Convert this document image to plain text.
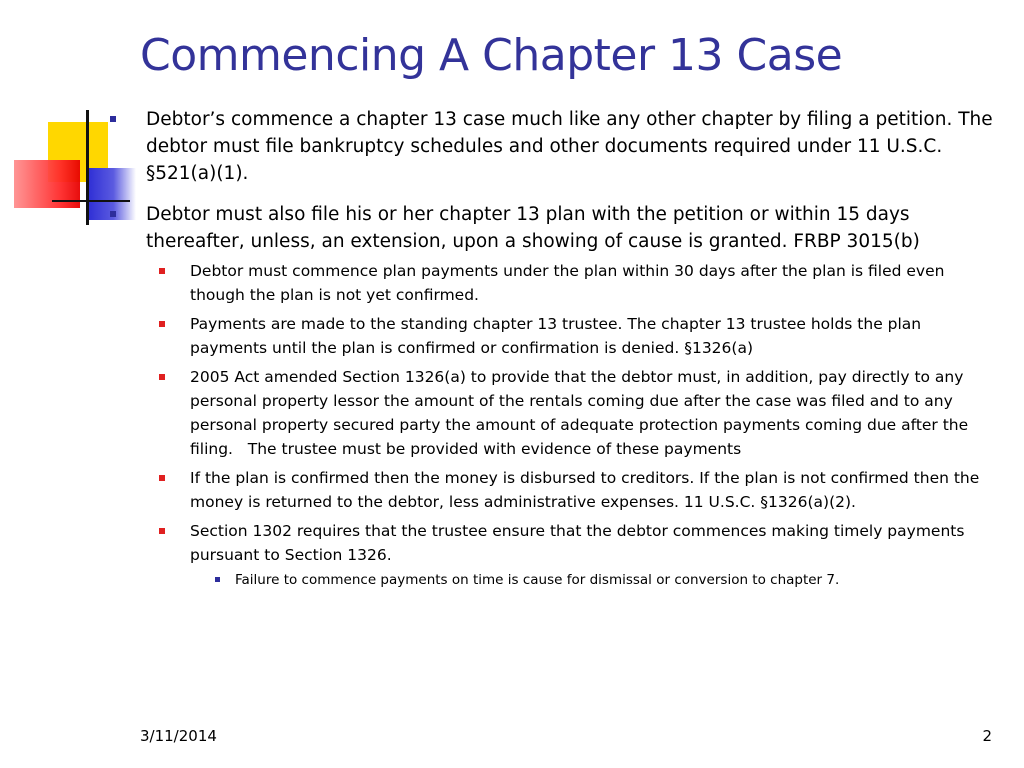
Commencing A Chapter 13 Case
Debtor’s commence a chapter 13 case much like any other chapter by filing a petition. The debtor must file bankruptcy schedules and other documents required under 11 U.S.C. §521(a)(1).
Debtor must also file his or her chapter 13 plan with the petition or within 15 days thereafter, unless, an extension, upon a showing of cause is granted. FRBP 3015(b)
Debtor must commence plan payments under the plan within 30 days after the plan is filed even though the plan is not yet confirmed.
Payments are made to the standing chapter 13 trustee. The chapter 13 trustee holds the plan payments until the plan is confirmed or confirmation is denied. §1326(a)
2005 Act amended Section 1326(a) to provide that the debtor must, in addition, pay directly to any personal property lessor the amount of the rentals coming due after the case was filed and to any personal property secured party the amount of adequate protection payments coming due after the filing.   The trustee must be provided with evidence of these payments
If the plan is confirmed then the money is disbursed to creditors. If the plan is not confirmed then the money is returned to the debtor, less administrative expenses. 11 U.S.C. §1326(a)(2).
Section 1302 requires that the trustee ensure that the debtor commences making timely payments pursuant to Section 1326.
Failure to commence payments on time is cause for dismissal or conversion to chapter 7.
3/11/2014	2
